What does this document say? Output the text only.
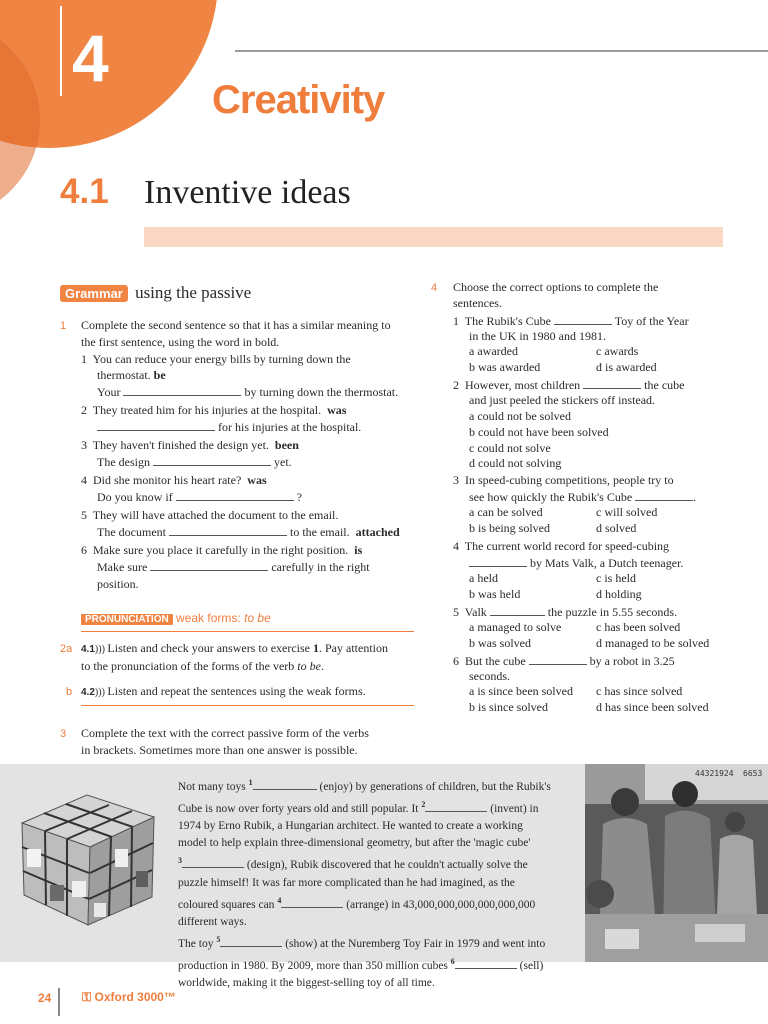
4
Creativity
4.1 Inventive ideas
Grammar using the passive
1 Complete the second sentence so that it has a similar meaning to
the first sentence, using the word in bold.
1 You can reduce your energy bills by turning down the
thermostat. be
Your	by turning down the thermostat.
2 They treated him for his injuries at the hospital. was
for his injuries at the hospital.
3 They haven't finished the design yet. been
The design	yet.
4 Did she monitor his heart rate? was
Do you know if	?
5 They will have attached the document to the email.
The document	to the email. attached
6 Make sure you place it carefully in the right position. is
Make sure	carefully in the right
position.
PRONUNCIATION weak forms: to be
2a 4.1))) Listen and check your answers to exercise 1. Pay attention
to the pronunciation of the forms of the verb to be.
b 4.2))) Listen and repeat the sentences using the weak forms.
3 Complete the text with the correct passive form of the verbs
in brackets. Sometimes more than one answer is possible.
4 Choose the correct options to complete the
sentences.
1 The Rubik's Cube	Toy of the Year
in the UK in 1980 and 1981.
a awarded	c awards
b was awarded	d is awarded
2 However, most children	the cube
and just peeled the stickers off instead.
a could not be solved
b could not have been solved
c could not solve
d could not solving
3 In speed-cubing competitions, people try to
see how quickly the Rubik's Cube	.
a can be solved	c will solved
b is being solved	d solved
4 The current world record for speed-cubing
by Mats Valk, a Dutch teenager.
a held	c is held
b was held	d holding
5 Valk	the puzzle in 5.55 seconds.
a managed to solve	c has been solved
b was solved	d managed to be solved
6 But the cube	by a robot in 3.25
seconds.
a is since been solved c has since solved
b is since solved	d has since been solved
Not many toys $^1$	(enjoy) by generations of children, but the Rubik's
Cube is now over forty years old and still popular. It $^2$	(invent) in
1974 by Erno Rubik, a Hungarian architect. He wanted to create a working
model to help explain three-dimensional geometry, but after the 'magic cube'
$^3$	(design), Rubik discovered that he couldn't actually solve the
puzzle himself! It was far more complicated than he had imagined, as the
coloured squares can $^4$	(arrange) in 43,000,000,000,000,000,000
different ways.
The toy $^5$	(show) at the Nuremberg Toy Fair in 1979 and went into
production in 1980. By 2009, more than 350 million cubes $^6$	(sell)
worldwide, making it the biggest-selling toy of all time.
44321924 6653
24	⚿ Oxford 3000™
